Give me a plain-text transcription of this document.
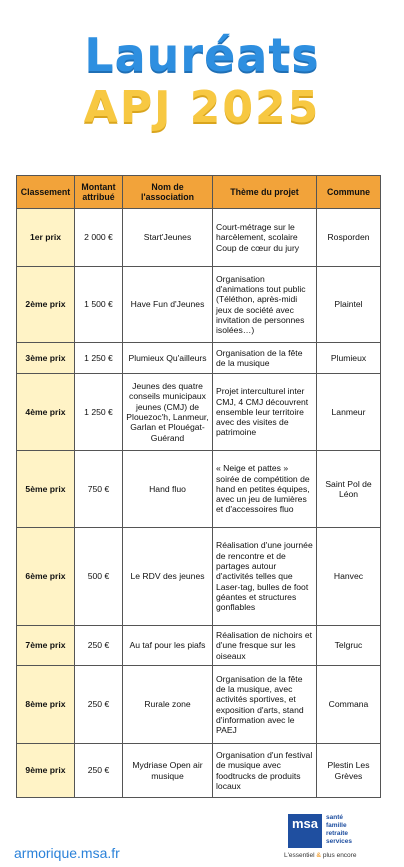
Lauréats
APJ 2025
Classement	Montant attribué	Nom de l'association	Thème du projet	Commune
1er prix	2 000 €	Start'Jeunes	Court-métrage sur le harcèlement, scolaire Coup de cœur du jury	Rosporden
2ème prix	1 500 €	Have Fun d'Jeunes	Organisation d'animations tout public (Téléthon, après-midi jeux de société avec invitation de personnes isolées…)	Plaintel
3ème prix	1 250 €	Plumieux Qu'ailleurs	Organisation de la fête de la musique	Plumieux
4ème prix	1 250 €	Jeunes des quatre conseils municipaux jeunes (CMJ) de Plouezoc'h, Lanmeur, Garlan et Plouégat-Guérand	Projet interculturel inter CMJ, 4 CMJ découvrent ensemble leur territoire avec des visites de patrimoine	Lanmeur
5ème prix	750 €	Hand fluo	« Neige et pattes » soirée de compétition de hand en petites équipes, avec un jeu de lumières et d'accessoires fluo	Saint Pol de Léon
6ème prix	500 €	Le RDV des jeunes	Réalisation d'une journée de rencontre et de partages autour d'activités telles que Laser-tag, bulles de foot géantes et structures gonflables	Hanvec
7ème prix	250 €	Au taf pour les piafs	Réalisation de nichoirs et d'une fresque sur les oiseaux	Telgruc
8ème prix	250 €	Rurale zone	Organisation de la fête de la musique, avec activités sportives, et exposition d'arts, stand d'information avec le PAEJ	Commana
9ème prix	250 €	Mydriase Open air musique	Organisation d'un festival de musique avec foodtrucks de produits locaux	Plestin Les Grèves
armorique.msa.fr
msa	santé
famille
retraite
services
L'essentiel & plus encore
